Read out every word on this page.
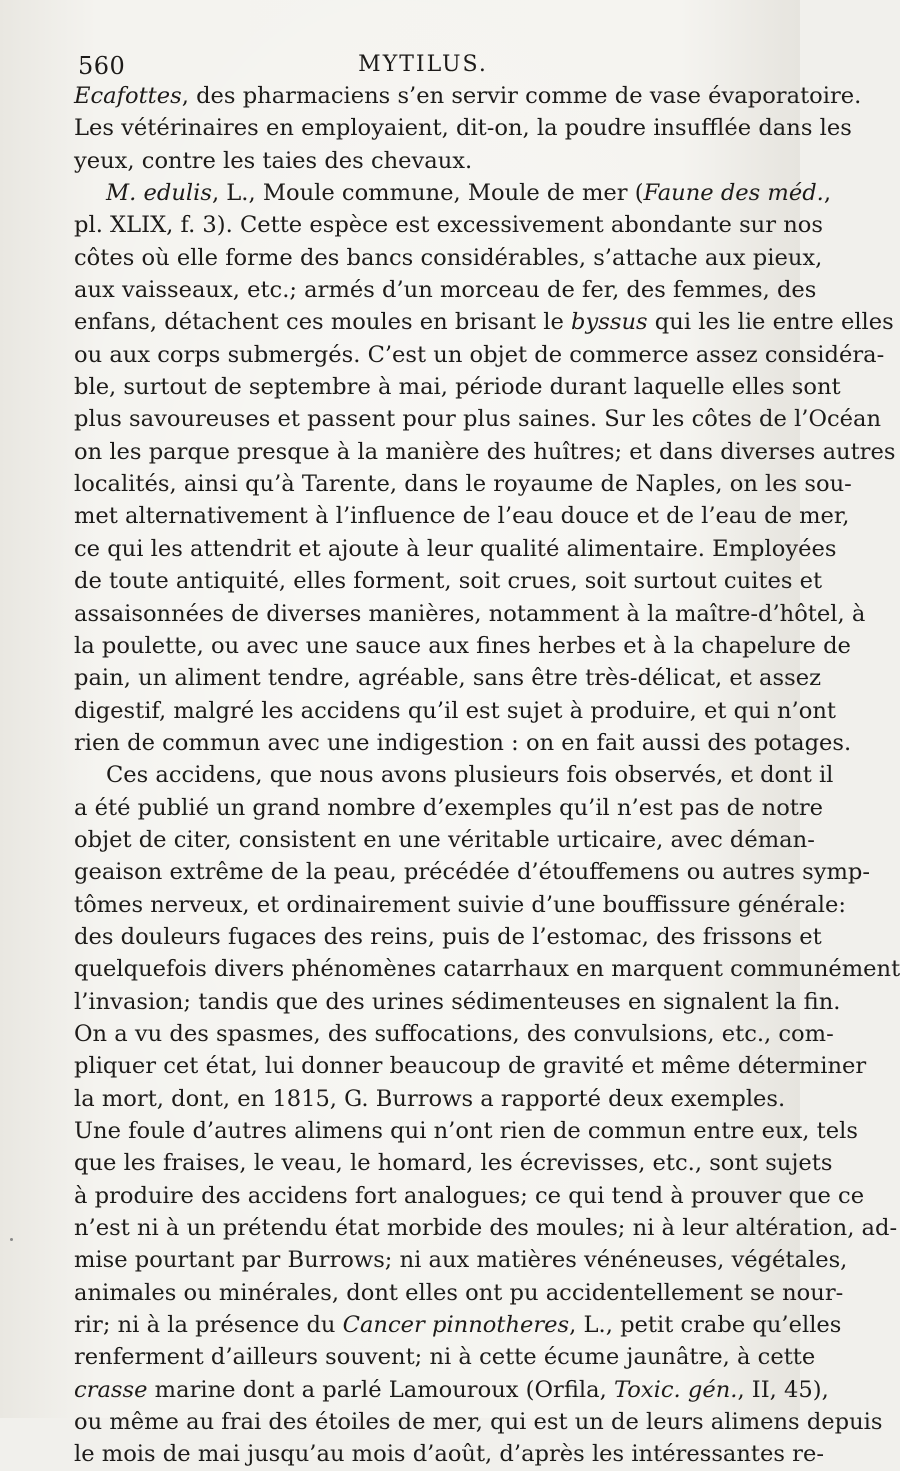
560	MYTILUS.

Ecafottes, des pharmaciens s’en servir comme de vase évaporatoire.
Les vétérinaires en employaient, dit-on, la poudre insufflée dans les
yeux, contre les taies des chevaux.

M. edulis, L., Moule commune, Moule de mer (Faune des méd.,
pl. XLIX, f. 3). Cette espèce est excessivement abondante sur nos
côtes où elle forme des bancs considérables, s’attache aux pieux,
aux vaisseaux, etc.; armés d’un morceau de fer, des femmes, des
enfans, détachent ces moules en brisant le byssus qui les lie entre elles
ou aux corps submergés. C’est un objet de commerce assez considéra-
ble, surtout de septembre à mai, période durant laquelle elles sont
plus savoureuses et passent pour plus saines. Sur les côtes de l’Océan
on les parque presque à la manière des huîtres; et dans diverses autres
localités, ainsi qu’à Tarente, dans le royaume de Naples, on les sou-
met alternativement à l’influence de l’eau douce et de l’eau de mer,
ce qui les attendrit et ajoute à leur qualité alimentaire. Employées
de toute antiquité, elles forment, soit crues, soit surtout cuites et
assaisonnées de diverses manières, notamment à la maître-d’hôtel, à
la poulette, ou avec une sauce aux fines herbes et à la chapelure de
pain, un aliment tendre, agréable, sans être très-délicat, et assez
digestif, malgré les accidens qu’il est sujet à produire, et qui n’ont
rien de commun avec une indigestion : on en fait aussi des potages.

Ces accidens, que nous avons plusieurs fois observés, et dont il
a été publié un grand nombre d’exemples qu’il n’est pas de notre
objet de citer, consistent en une véritable urticaire, avec déman-
geaison extrême de la peau, précédée d’étouffemens ou autres symp-
tômes nerveux, et ordinairement suivie d’une bouffissure générale:
des douleurs fugaces des reins, puis de l’estomac, des frissons et
quelquefois divers phénomènes catarrhaux en marquent communément
l’invasion; tandis que des urines sédimenteuses en signalent la fin.
On a vu des spasmes, des suffocations, des convulsions, etc., com-
pliquer cet état, lui donner beaucoup de gravité et même déterminer
la mort, dont, en 1815, G. Burrows a rapporté deux exemples.
Une foule d’autres alimens qui n’ont rien de commun entre eux, tels
que les fraises, le veau, le homard, les écrevisses, etc., sont sujets
à produire des accidens fort analogues; ce qui tend à prouver que ce
n’est ni à un prétendu état morbide des moules; ni à leur altération, ad-
mise pourtant par Burrows; ni aux matières vénéneuses, végétales,
animales ou minérales, dont elles ont pu accidentellement se nour-
rir; ni à la présence du Cancer pinnotheres, L., petit crabe qu’elles
renferment d’ailleurs souvent; ni à cette écume jaunâtre, à cette
crasse marine dont a parlé Lamouroux (Orfila, Toxic. gén., II, 45),
ou même au frai des étoiles de mer, qui est un de leurs alimens depuis
le mois de mai jusqu’au mois d’août, d’après les intéressantes re-
